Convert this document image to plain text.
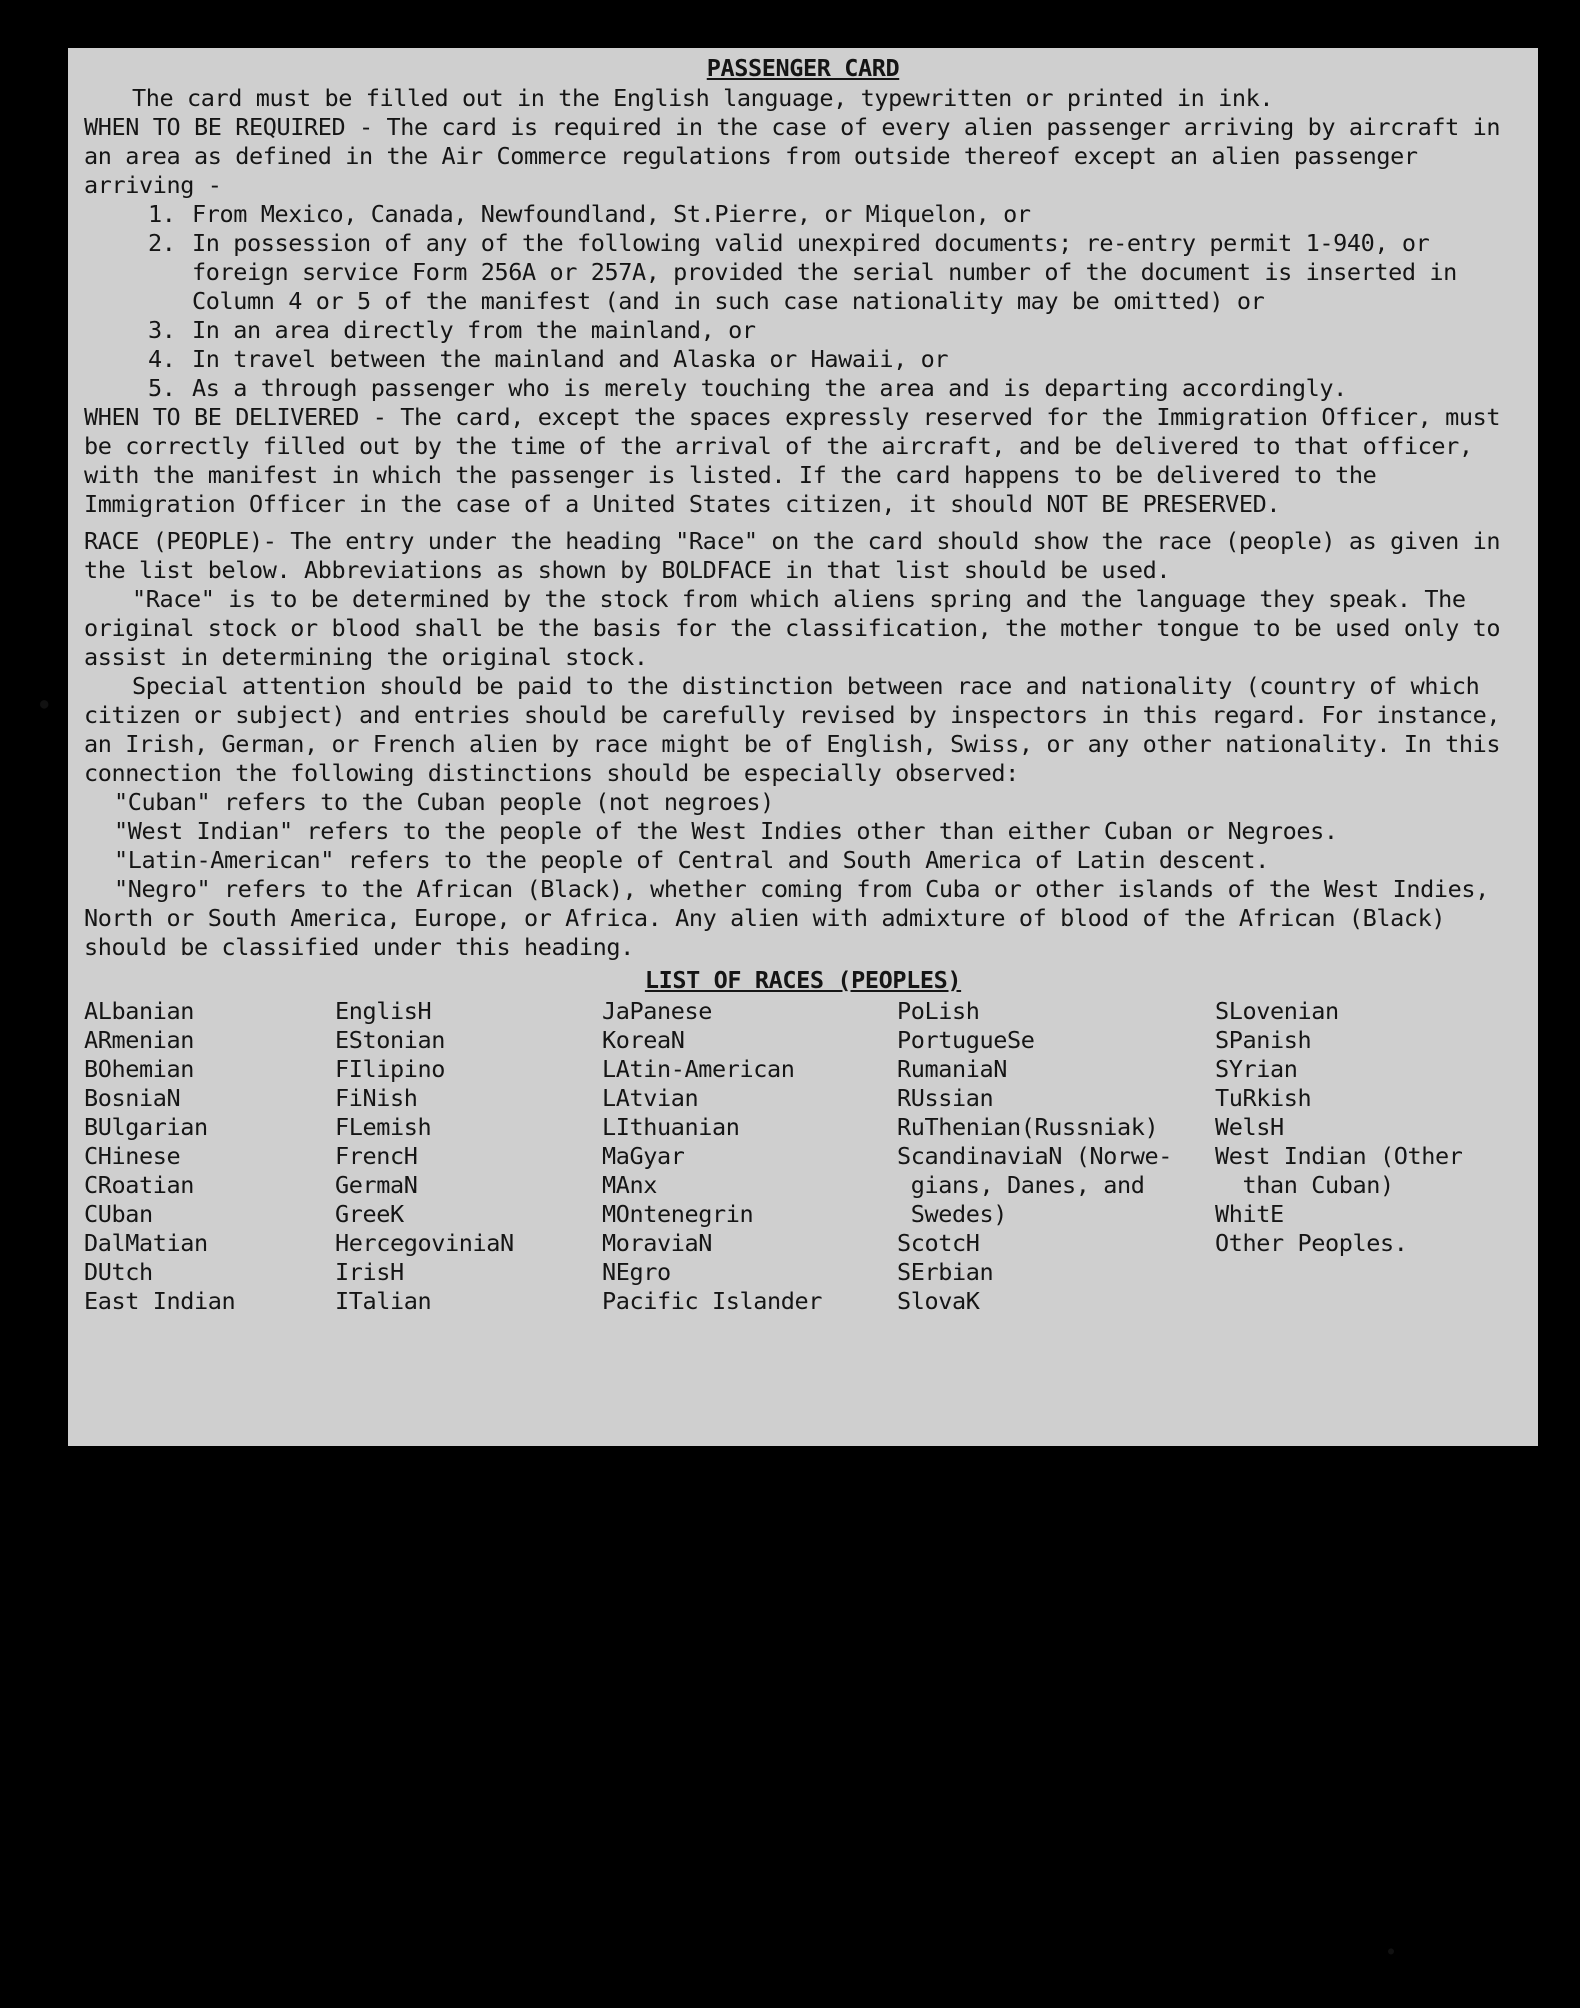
PASSENGER CARD

The card must be filled out in the English language, typewritten or printed in ink.

WHEN TO BE REQUIRED - The card is required in the case of every alien passenger arriving by aircraft in an area as defined in the Air Commerce regulations from outside thereof except an alien passenger arriving -

1. From Mexico, Canada, Newfoundland, St.Pierre, or Miquelon, or
2. In possession of any of the following valid unexpired documents; re-entry permit 1-940, or foreign service Form 256A or 257A, provided the serial number of the document is inserted in Column 4 or 5 of the manifest (and in such case nationality may be omitted) or
3. In an area directly from the mainland, or
4. In travel between the mainland and Alaska or Hawaii, or
5. As a through passenger who is merely touching the area and is departing accordingly.

WHEN TO BE DELIVERED - The card, except the spaces expressly reserved for the Immigration Officer, must be correctly filled out by the time of the arrival of the aircraft, and be delivered to that officer, with the manifest in which the passenger is listed. If the card happens to be delivered to the Immigration Officer in the case of a United States citizen, it should NOT BE PRESERVED.

RACE (PEOPLE)- The entry under the heading "Race" on the card should show the race (people) as given in the list below. Abbreviations as shown by BOLDFACE in that list should be used.

"Race" is to be determined by the stock from which aliens spring and the language they speak. The original stock or blood shall be the basis for the classification, the mother tongue to be used only to assist in determining the original stock.

Special attention should be paid to the distinction between race and nationality (country of which citizen or subject) and entries should be carefully revised by inspectors in this regard. For instance, an Irish, German, or French alien by race might be of English, Swiss, or any other nationality. In this connection the following distinctions should be especially observed:

"Cuban" refers to the Cuban people (not negroes)

"West Indian" refers to the people of the West Indies other than either Cuban or Negroes.

"Latin-American" refers to the people of Central and South America of Latin descent.

"Negro" refers to the African (Black), whether coming from Cuba or other islands of the West Indies, North or South America, Europe, or Africa. Any alien with admixture of blood of the African (Black) should be classified under this heading.

LIST OF RACES (PEOPLES)
ALbanian
ARmenian
BOhemian
BosniaN
BUlgarian
CHinese
CRoatian
CUban
DalMatian
DUtch
East Indian
EnglisH
EStonian
FIlipino
FiNish
FLemish
FrencH
GermaN
GreeK
HercegoviniaN
IrisH
ITalian
JaPanese
KoreaN
LAtin-American
LAtvian
LIthuanian
MaGyar
MAnx
MOntenegrin
MoraviaN
NEgro
Pacific Islander
PoLish
PortugueSe
RumaniaN
RUssian
RuThenian(Russniak)
ScandinaviaN (Norwe-
gians, Danes, and
Swedes)
ScotcH
SErbian
SlovaK
SLovenian
SPanish
SYrian
TuRkish
WelsH
West Indian (Other
than Cuban)
WhitE
Other Peoples.
●
●
